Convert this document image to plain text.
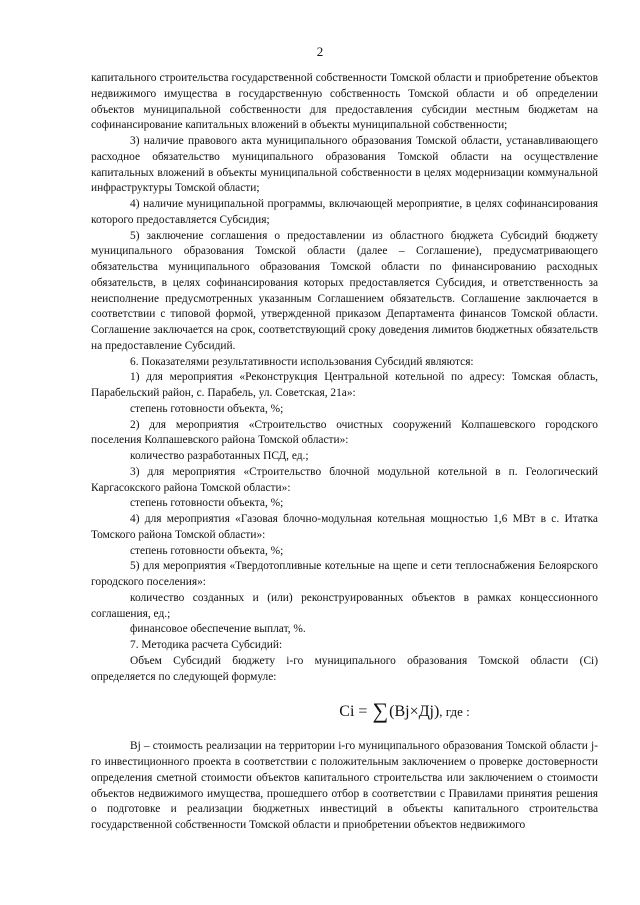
2

капитального строительства государственной собственности Томской области и приобретение объектов недвижимого имущества в государственную собственность Томской области и об определении объектов муниципальной собственности для предоставления субсидии местным бюджетам на софинансирование капитальных вложений в объекты муниципальной собственности;

3) наличие правового акта муниципального образования Томской области, устанавливающего расходное обязательство муниципального образования Томской области на осуществление капитальных вложений в объекты муниципальной собственности в целях модернизации коммунальной инфраструктуры Томской области;

4) наличие муниципальной программы, включающей мероприятие, в целях софинансирования которого предоставляется Субсидия;

5) заключение соглашения о предоставлении из областного бюджета Субсидий бюджету муниципального образования Томской области (далее – Соглашение), предусматривающего обязательства муниципального образования Томской области по финансированию расходных обязательств, в целях софинансирования которых предоставляется Субсидия, и ответственность за неисполнение предусмотренных указанным Соглашением обязательств. Соглашение заключается в соответствии с типовой формой, утвержденной приказом Департамента финансов Томской области. Соглашение заключается на срок, соответствующий сроку доведения лимитов бюджетных обязательств на предоставление Субсидий.

6. Показателями результативности использования Субсидий являются:

1) для мероприятия «Реконструкция Центральной котельной по адресу: Томская область, Парабельский район, с. Парабель, ул. Советская, 21а»:

степень готовности объекта, %;

2) для мероприятия «Строительство очистных сооружений Колпашевского городского поселения Колпашевского района Томской области»:

количество разработанных ПСД, ед.;

3) для мероприятия «Строительство блочной модульной котельной в п. Геологический Каргасокского района Томской области»:

степень готовности объекта, %;

4) для мероприятия «Газовая блочно-модульная котельная мощностью 1,6 МВт в с. Итатка Томского района Томской области»:

степень готовности объекта, %;

5) для мероприятия «Твердотопливные котельные на щепе и сети теплоснабжения Белоярского городского поселения»:

количество созданных и (или) реконструированных объектов в рамках концессионного соглашения, ед.;

финансовое обеспечение выплат, %.

7. Методика расчета Субсидий:

Объем Субсидий бюджету i-го муниципального образования Томской области (Ci) определяется по следующей формуле:

Ci = ∑(Bj×Дj), где :

Bj – стоимость реализации на территории i-го муниципального образования Томской области j-го инвестиционного проекта в соответствии с положительным заключением о проверке достоверности определения сметной стоимости объектов капитального строительства или заключением о стоимости объектов недвижимого имущества, прошедшего отбор в соответствии с Правилами принятия решения о подготовке и реализации бюджетных инвестиций в объекты капитального строительства государственной собственности Томской области и приобретении объектов недвижимого
